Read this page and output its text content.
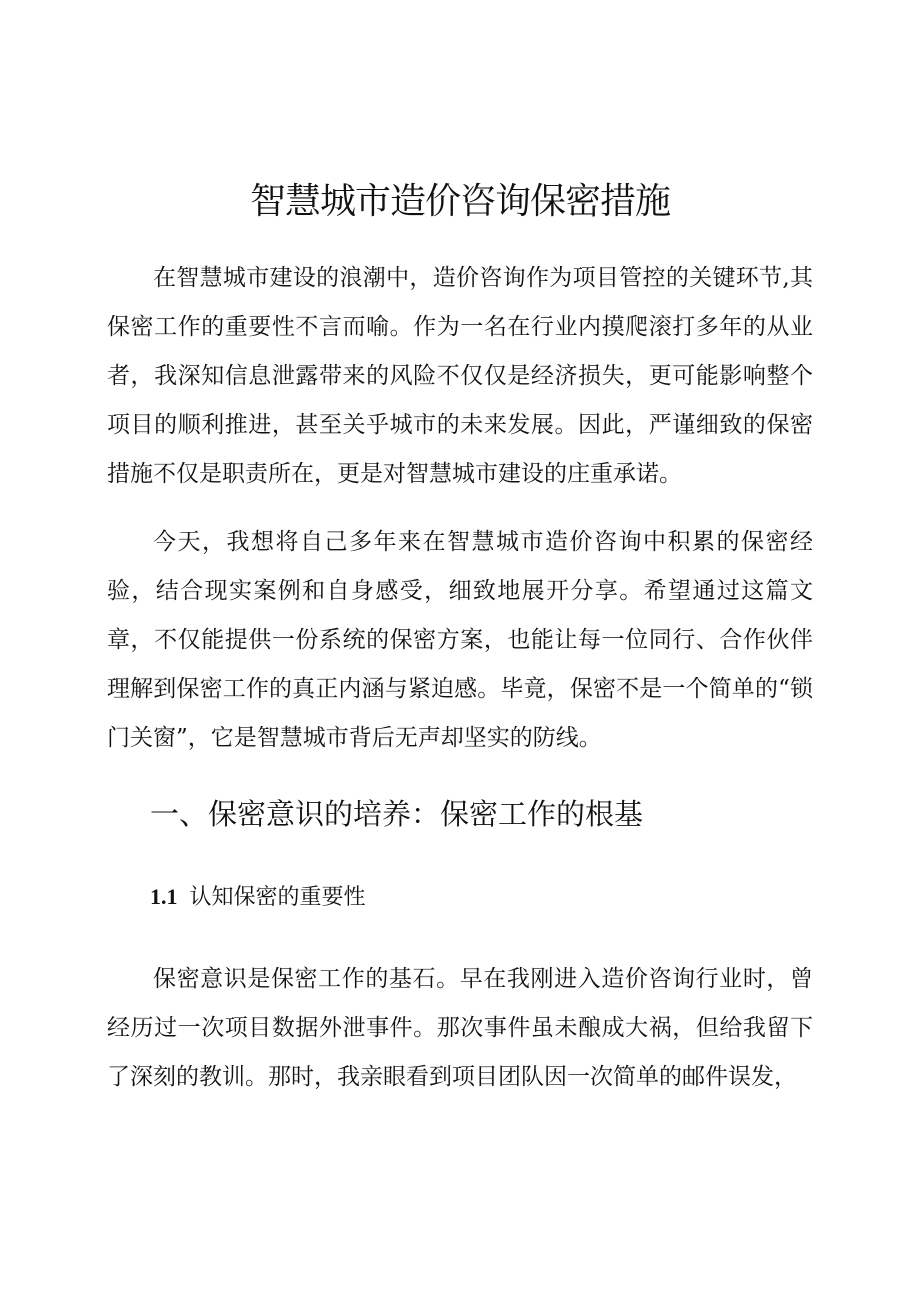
智慧城市造价咨询保密措施

在智慧城市建设的浪潮中，造价咨询作为项目管控的关键环节,其保密工作的重要性不言而喻。作为一名在行业内摸爬滚打多年的从业者，我深知信息泄露带来的风险不仅仅是经济损失，更可能影响整个项目的顺利推进，甚至关乎城市的未来发展。因此，严谨细致的保密措施不仅是职责所在，更是对智慧城市建设的庄重承诺。

今天，我想将自己多年来在智慧城市造价咨询中积累的保密经验，结合现实案例和自身感受，细致地展开分享。希望通过这篇文章，不仅能提供一份系统的保密方案，也能让每一位同行、合作伙伴理解到保密工作的真正内涵与紧迫感。毕竟，保密不是一个简单的“锁门关窗”，它是智慧城市背后无声却坚实的防线。

一、保密意识的培养：保密工作的根基
1.1 认知保密的重要性

保密意识是保密工作的基石。早在我刚进入造价咨询行业时，曾经历过一次项目数据外泄事件。那次事件虽未酿成大祸，但给我留下了深刻的教训。那时，我亲眼看到项目团队因一次简单的邮件误发，
